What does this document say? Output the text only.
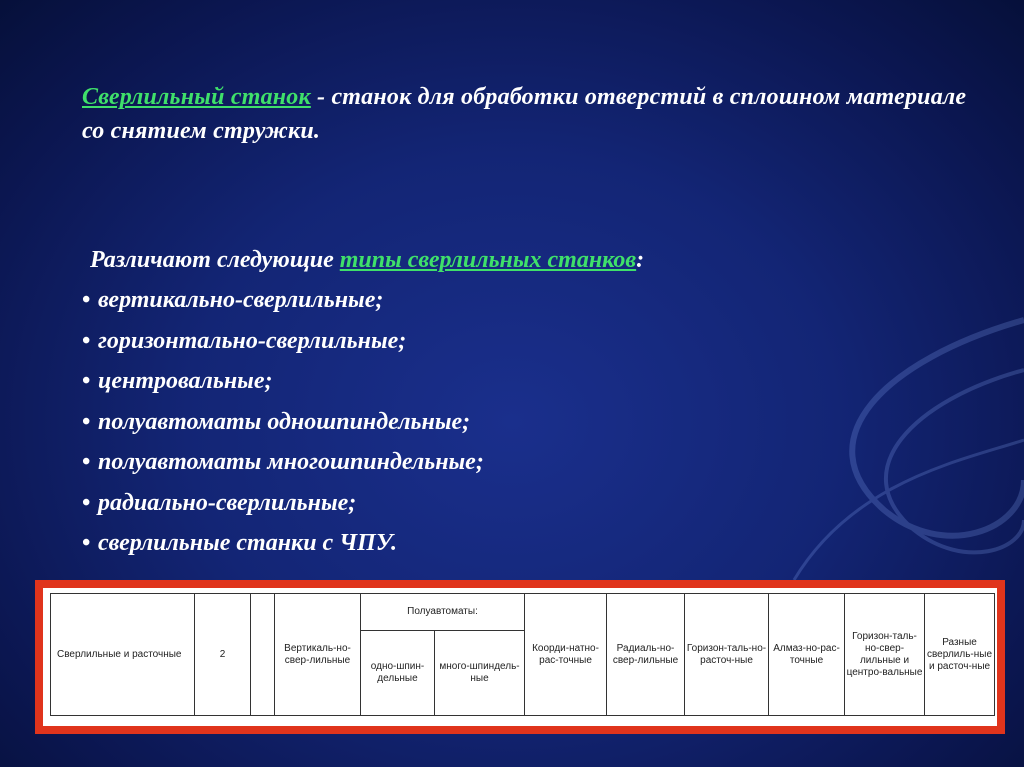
Сверлильный станок - станок для обработки отверстий в сплошном материале со снятием стружки.
Различают следующие типы сверлильных станков:
• вертикально-сверлильные;
• горизонтально-сверлильные;
• центровальные;
• полуавтоматы одношпиндельные;
• полуавтоматы многошпиндельные;
• радиально-сверлильные;
• сверлильные станки с ЧПУ.
Сверлильные и расточные	2		Вертикаль-но-свер-лильные	Полуавтоматы:		Коорди-натно-рас-точные	Радиаль-но-свер-лильные	Горизон-таль-но-расточ-ные	Алмаз-но-рас-точные	Горизон-таль-но-свер-лильные и центро-вальные	Разные сверлиль-ные и расточ-ные
				одно-шпин-дельные	много-шпиндель-ные						
